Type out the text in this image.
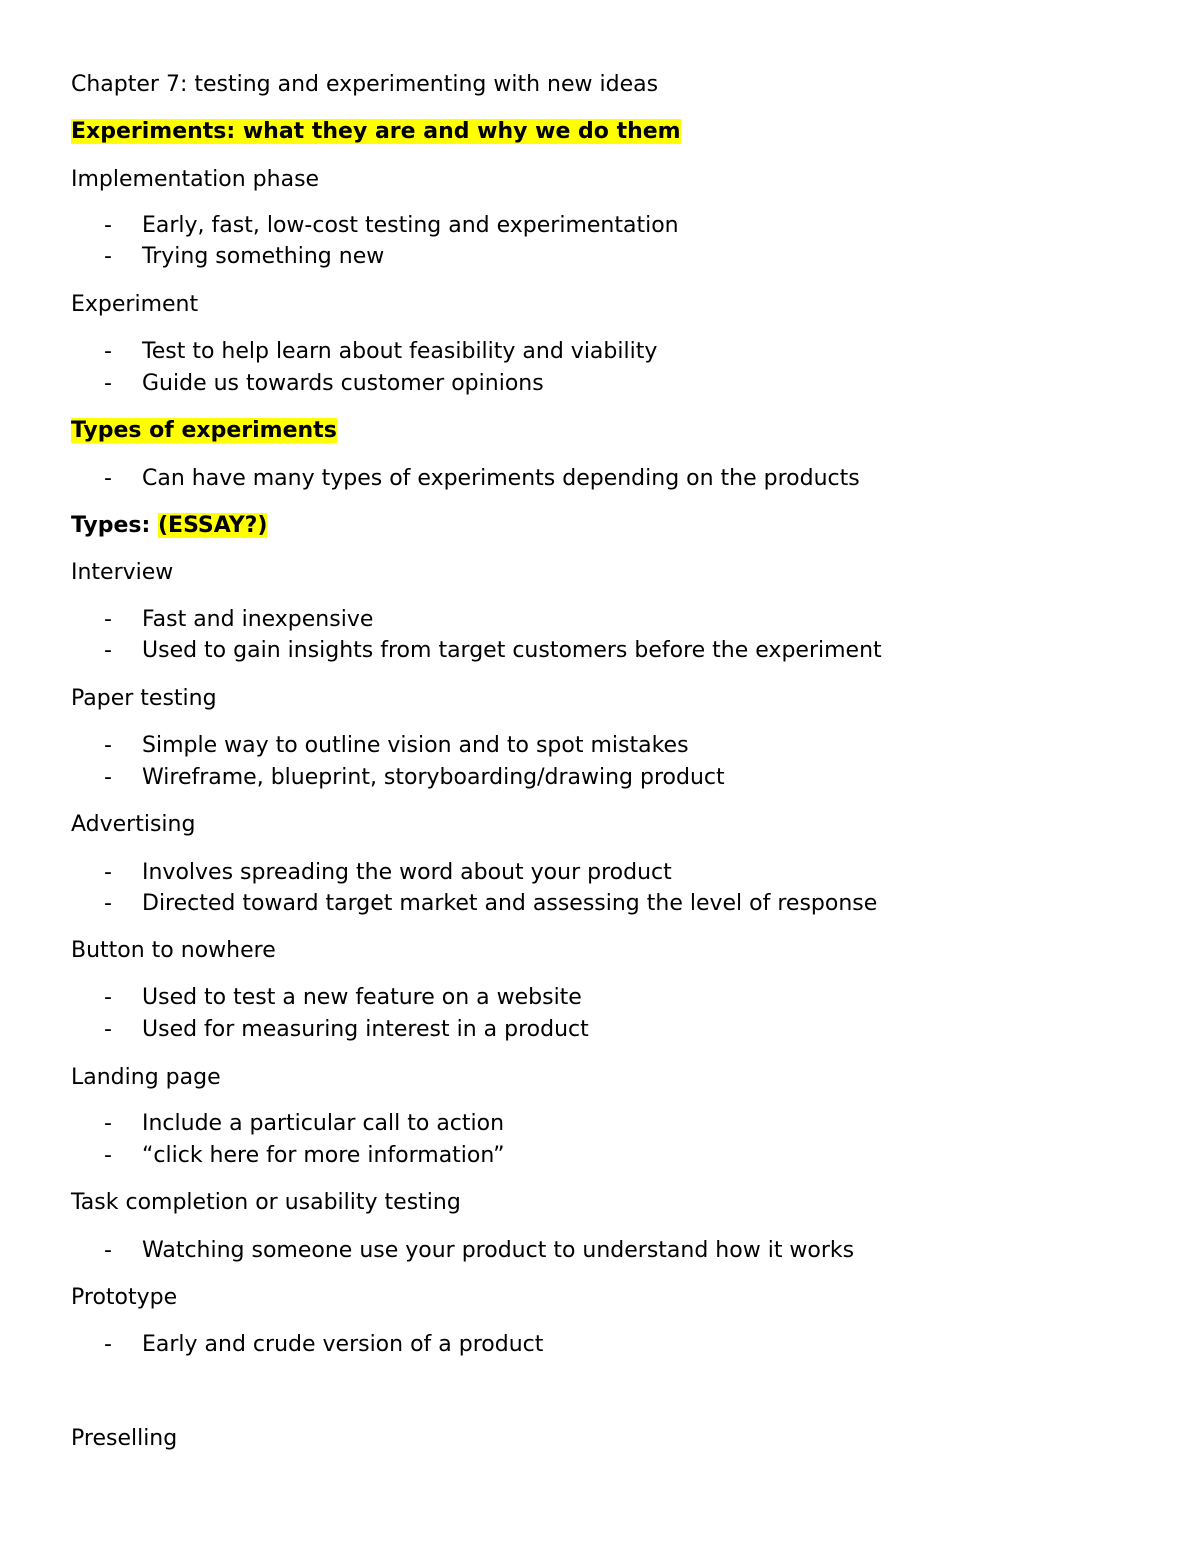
Chapter 7: testing and experimenting with new ideas
Experiments: what they are and why we do them
Implementation phase
- Early, fast, low-cost testing and experimentation
- Trying something new
Experiment
- Test to help learn about feasibility and viability
- Guide us towards customer opinions
Types of experiments
- Can have many types of experiments depending on the products
Types: (ESSAY?)
Interview
- Fast and inexpensive
- Used to gain insights from target customers before the experiment
Paper testing
- Simple way to outline vision and to spot mistakes
- Wireframe, blueprint, storyboarding/drawing product
Advertising
- Involves spreading the word about your product
- Directed toward target market and assessing the level of response
Button to nowhere
- Used to test a new feature on a website
- Used for measuring interest in a product
Landing page
- Include a particular call to action
- “click here for more information”
Task completion or usability testing
- Watching someone use your product to understand how it works
Prototype
- Early and crude version of a product
Preselling
